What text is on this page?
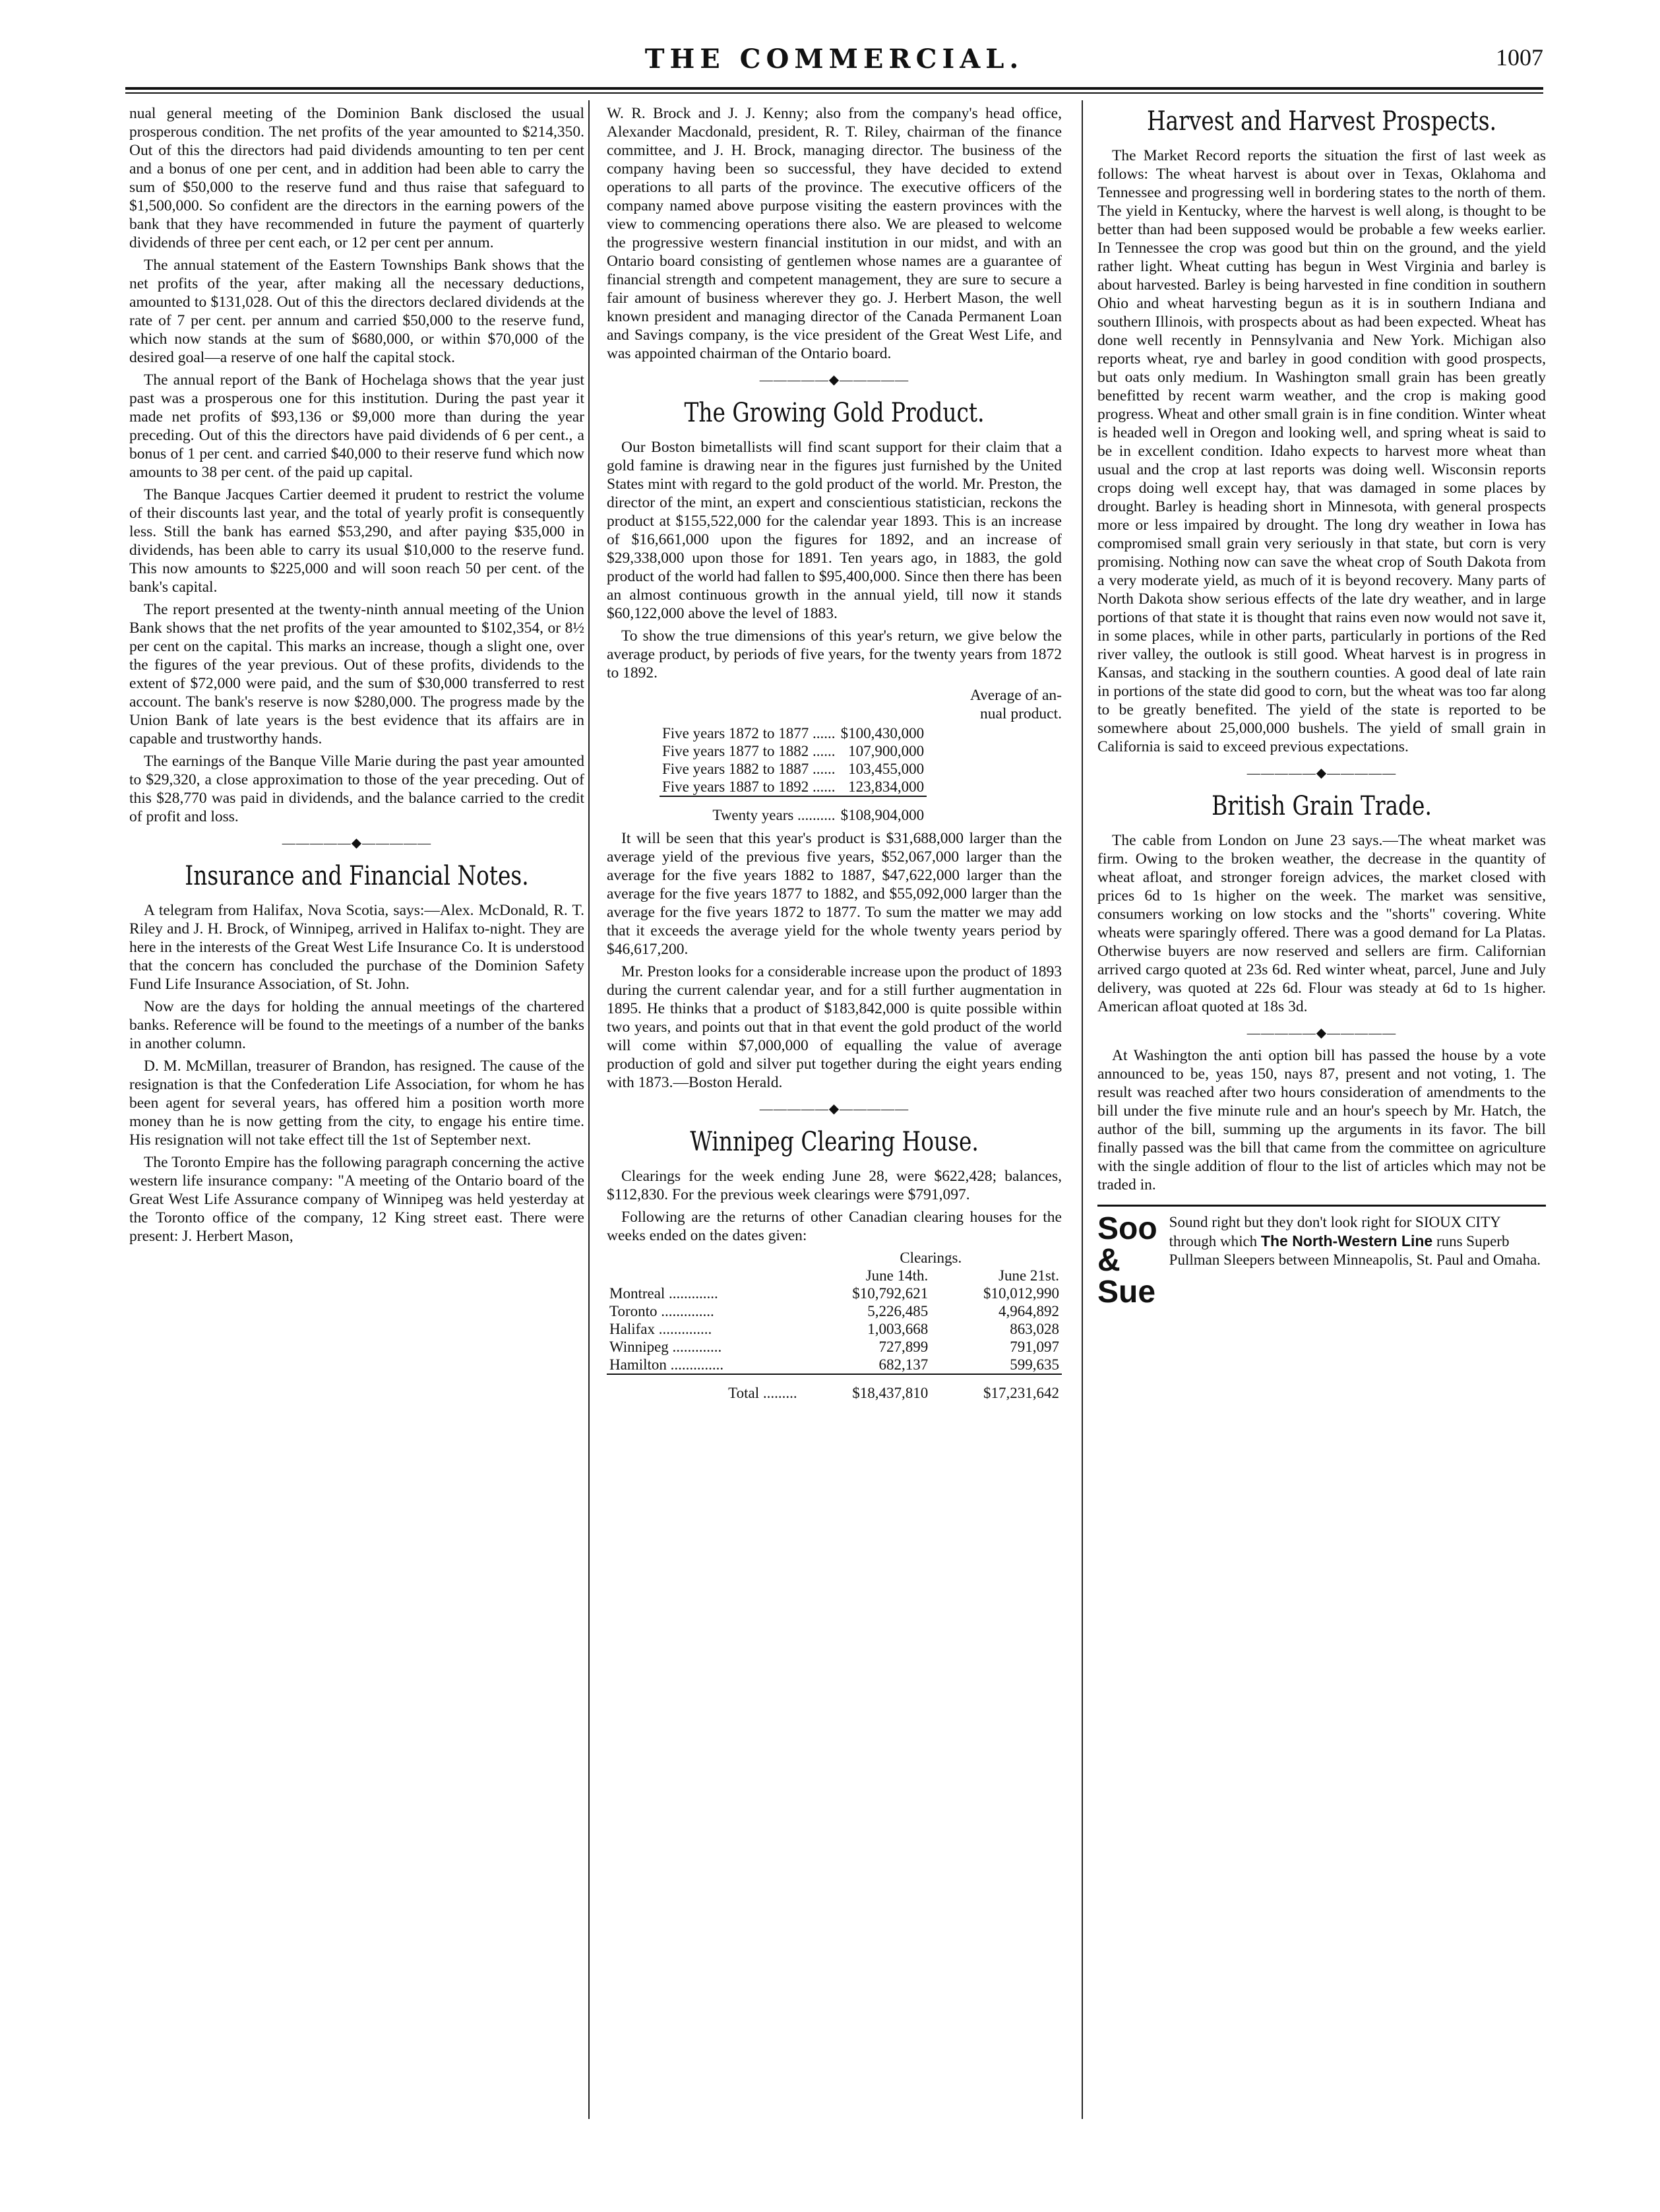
THE COMMERCIAL.	1007

nual general meeting of the Dominion Bank disclosed the usual prosperous condition. The net profits of the year amounted to $214,350. Out of this the directors had paid dividends amounting to ten per cent and a bonus of one per cent, and in addition had been able to carry the sum of $50,000 to the reserve fund and thus raise that safeguard to $1,500,000. So confident are the directors in the earning powers of the bank that they have recommended in future the payment of quarterly dividends of three per cent each, or 12 per cent per annum.

The annual statement of the Eastern Townships Bank shows that the net profits of the year, after making all the necessary deductions, amounted to $131,028. Out of this the directors declared dividends at the rate of 7 per cent. per annum and carried $50,000 to the reserve fund, which now stands at the sum of $680,000, or within $70,000 of the desired goal—a reserve of one half the capital stock.

The annual report of the Bank of Hochelaga shows that the year just past was a prosperous one for this institution. During the past year it made net profits of $93,136 or $9,000 more than during the year preceding. Out of this the directors have paid dividends of 6 per cent., a bonus of 1 per cent. and carried $40,000 to their reserve fund which now amounts to 38 per cent. of the paid up capital.

The Banque Jacques Cartier deemed it prudent to restrict the volume of their discounts last year, and the total of yearly profit is consequently less. Still the bank has earned $53,290, and after paying $35,000 in dividends, has been able to carry its usual $10,000 to the reserve fund. This now amounts to $225,000 and will soon reach 50 per cent. of the bank's capital.

The report presented at the twenty-ninth annual meeting of the Union Bank shows that the net profits of the year amounted to $102,354, or 8½ per cent on the capital. This marks an increase, though a slight one, over the figures of the year previous. Out of these profits, dividends to the extent of $72,000 were paid, and the sum of $30,000 transferred to rest account. The bank's reserve is now $280,000. The progress made by the Union Bank of late years is the best evidence that its affairs are in capable and trustworthy hands.

The earnings of the Banque Ville Marie during the past year amounted to $29,320, a close approximation to those of the year preceding. Out of this $28,770 was paid in dividends, and the balance carried to the credit of profit and loss.

—————◆—————
Insurance and Financial Notes.

A telegram from Halifax, Nova Scotia, says:—Alex. McDonald, R. T. Riley and J. H. Brock, of Winnipeg, arrived in Halifax to-night. They are here in the interests of the Great West Life Insurance Co. It is understood that the concern has concluded the purchase of the Dominion Safety Fund Life Insurance Association, of St. John.

Now are the days for holding the annual meetings of the chartered banks. Reference will be found to the meetings of a number of the banks in another column.

D. M. McMillan, treasurer of Brandon, has resigned. The cause of the resignation is that the Confederation Life Association, for whom he has been agent for several years, has offered him a position worth more money than he is now getting from the city, to engage his entire time. His resignation will not take effect till the 1st of September next.

The Toronto Empire has the following paragraph concerning the active western life insurance company: "A meeting of the Ontario board of the Great West Life Assurance company of Winnipeg was held yesterday at the Toronto office of the company, 12 King street east. There were present: J. Herbert Mason,

W. R. Brock and J. J. Kenny; also from the company's head office, Alexander Macdonald, president, R. T. Riley, chairman of the finance committee, and J. H. Brock, managing director. The business of the company having been so successful, they have decided to extend operations to all parts of the province. The executive officers of the company named above purpose visiting the eastern provinces with the view to commencing operations there also. We are pleased to welcome the progressive western financial institution in our midst, and with an Ontario board consisting of gentlemen whose names are a guarantee of financial strength and competent management, they are sure to secure a fair amount of business wherever they go. J. Herbert Mason, the well known president and managing director of the Canada Permanent Loan and Savings company, is the vice president of the Great West Life, and was appointed chairman of the Ontario board.

—————◆—————
The Growing Gold Product.

Our Boston bimetallists will find scant support for their claim that a gold famine is drawing near in the figures just furnished by the United States mint with regard to the gold product of the world. Mr. Preston, the director of the mint, an expert and conscientious statistician, reckons the product at $155,522,000 for the calendar year 1893. This is an increase of $16,661,000 upon the figures for 1892, and an increase of $29,338,000 upon those for 1891. Ten years ago, in 1883, the gold product of the world had fallen to $95,400,000. Since then there has been an almost continuous growth in the annual yield, till now it stands $60,122,000 above the level of 1883.

To show the true dimensions of this year's return, we give below the average product, by periods of five years, for the twenty years from 1872 to 1892.

Average of an-
nual product.
Five years 1872 to 1877 ......	$100,430,000
Five years 1877 to 1882 ......	107,900,000
Five years 1882 to 1887 ......	103,455,000
Five years 1887 to 1892 ......	123,834,000
Twenty years ..........	$108,904,000

It will be seen that this year's product is $31,688,000 larger than the average yield of the previous five years, $52,067,000 larger than the average for the five years 1882 to 1887, $47,622,000 larger than the average for the five years 1877 to 1882, and $55,092,000 larger than the average for the five years 1872 to 1877. To sum the matter we may add that it exceeds the average yield for the whole twenty years period by $46,617,200.

Mr. Preston looks for a considerable increase upon the product of 1893 during the current calendar year, and for a still further augmentation in 1895. He thinks that a product of $183,842,000 is quite possible within two years, and points out that in that event the gold product of the world will come within $7,000,000 of equalling the value of average production of gold and silver put together during the eight years ending with 1873.—Boston Herald.

—————◆—————
Winnipeg Clearing House.

Clearings for the week ending June 28, were $622,428; balances, $112,830. For the previous week clearings were $791,097.

Following are the returns of other Canadian clearing houses for the weeks ended on the dates given:

	Clearings.	
	June 14th.	June 21st.
Montreal .............	$10,792,621	$10,012,990
Toronto ..............	5,226,485	4,964,892
Halifax ..............	1,003,668	863,028
Winnipeg .............	727,899	791,097
Hamilton ..............	682,137	599,635
Total .........	$18,437,810	$17,231,642
Harvest and Harvest Prospects.

The Market Record reports the situation the first of last week as follows: The wheat harvest is about over in Texas, Oklahoma and Tennessee and progressing well in bordering states to the north of them. The yield in Kentucky, where the harvest is well along, is thought to be better than had been supposed would be probable a few weeks earlier. In Tennessee the crop was good but thin on the ground, and the yield rather light. Wheat cutting has begun in West Virginia and barley is about harvested. Barley is being harvested in fine condition in southern Ohio and wheat harvesting begun as it is in southern Indiana and southern Illinois, with prospects about as had been expected. Wheat has done well recently in Pennsylvania and New York. Michigan also reports wheat, rye and barley in good condition with good prospects, but oats only medium. In Washington small grain has been greatly benefitted by recent warm weather, and the crop is making good progress. Wheat and other small grain is in fine condition. Winter wheat is headed well in Oregon and looking well, and spring wheat is said to be in excellent condition. Idaho expects to harvest more wheat than usual and the crop at last reports was doing well. Wisconsin reports crops doing well except hay, that was damaged in some places by drought. Barley is heading short in Minnesota, with general prospects more or less impaired by drought. The long dry weather in Iowa has compromised small grain very seriously in that state, but corn is very promising. Nothing now can save the wheat crop of South Dakota from a very moderate yield, as much of it is beyond recovery. Many parts of North Dakota show serious effects of the late dry weather, and in large portions of that state it is thought that rains even now would not save it, in some places, while in other parts, particularly in portions of the Red river valley, the outlook is still good. Wheat harvest is in progress in Kansas, and stacking in the southern counties. A good deal of late rain in portions of the state did good to corn, but the wheat was too far along to be greatly benefited. The yield of the state is reported to be somewhere about 25,000,000 bushels. The yield of small grain in California is said to exceed previous expectations.

—————◆—————
British Grain Trade.

The cable from London on June 23 says.—The wheat market was firm. Owing to the broken weather, the decrease in the quantity of wheat afloat, and stronger foreign advices, the market closed with prices 6d to 1s higher on the week. The market was sensitive, consumers working on low stocks and the "shorts" covering. White wheats were sparingly offered. There was a good demand for La Platas. Otherwise buyers are now reserved and sellers are firm. Californian arrived cargo quoted at 23s 6d. Red winter wheat, parcel, June and July delivery, was quoted at 22s 6d. Flour was steady at 6d to 1s higher. American afloat quoted at 18s 3d.

—————◆—————

At Washington the anti option bill has passed the house by a vote announced to be, yeas 150, nays 87, present and not voting, 1. The result was reached after two hours consideration of amendments to the bill under the five minute rule and an hour's speech by Mr. Hatch, the author of the bill, summing up the arguments in its favor. The bill finally passed was the bill that came from the committee on agriculture with the single addition of flour to the list of articles which may not be traded in.

Soo &
Sue
Sound right but they don't look right for SIOUX CITY through which The North-Western Line runs Superb Pullman Sleepers between Minneapolis, St. Paul and Omaha.
